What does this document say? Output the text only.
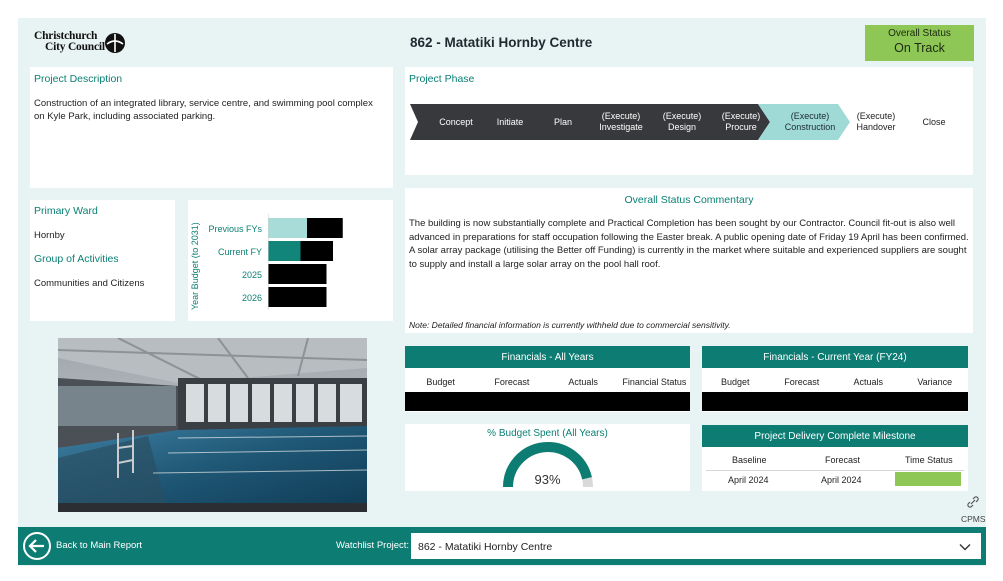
Christchurch
City Council	862 - Matatiki Hornby Centre
Overall Status
On Track
Project Description
Construction of an integrated library, service centre, and swimming pool complex on Kyle Park, including associated parking.
Project Phase
Concept	Initiate	Plan
(Execute)
Investigate
(Execute)
Design
(Execute)
Procure
(Execute)
Construction
(Execute)
Handover
Close
Primary Ward
Hornby
Group of Activities
Communities and Citizens	Year Budget (to 2031) Previous FYs
Current FY
2025
2026
Overall Status Commentary
The building is now substantially complete and Practical Completion has been sought by our Contractor. Council fit-out is also well advanced in preparations for staff occupation following the Easter break. A public opening date of Friday 19 April has been confirmed. A solar array package (utilising the Better off Funding) is currently in the market where suitable and experienced suppliers are sought to supply and install a large solar array on the pool hall roof.
Note: Detailed financial information is currently withheld due to commercial sensitivity.
Financials - All Years
Budget	Forecast	Actuals	Financial Status
Financials - Current Year (FY24)
Budget	Forecast	Actuals	Variance
% Budget Spent (All Years)
93%
Project Delivery Complete Milestone
Baseline	Forecast	Time Status
April 2024	April 2024
CPMS
Back to Main Report	Watchlist Project: 862 - Matatiki Hornby Centre
